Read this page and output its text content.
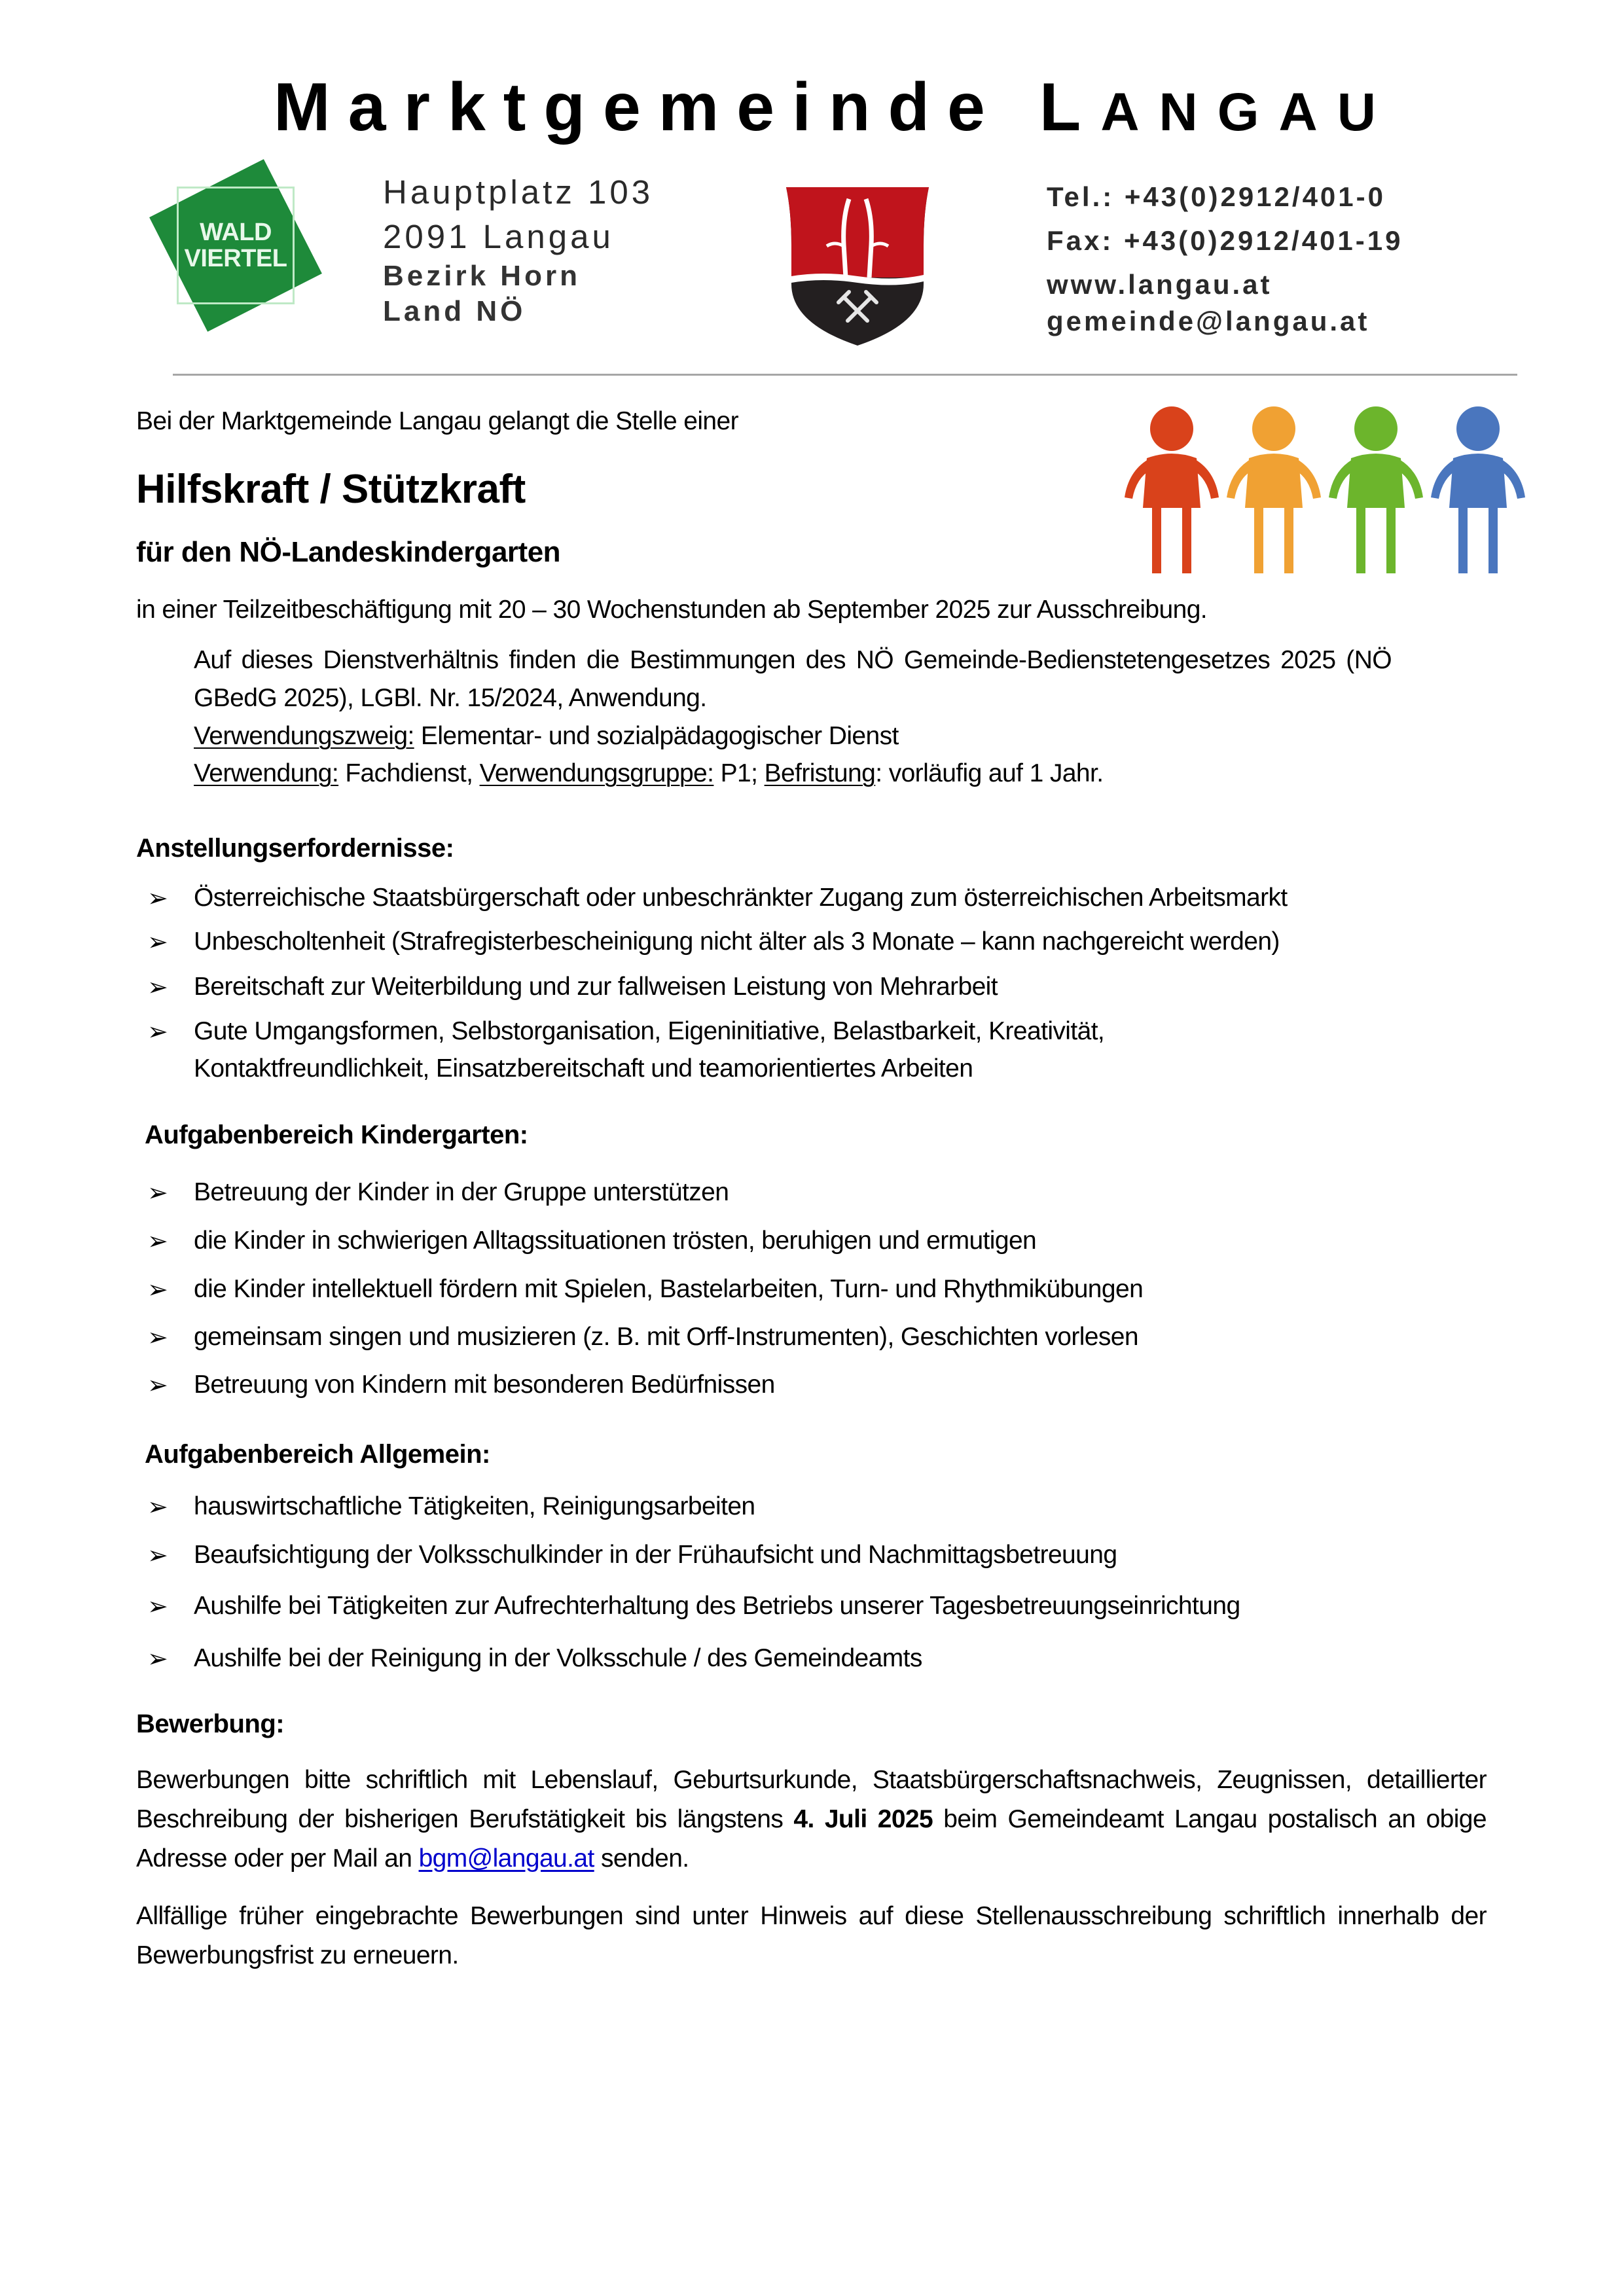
Marktgemeinde LANGAU
WALD
VIERTEL
Hauptplatz 103
2091 Langau
Bezirk Horn
Land NÖ
Tel.: +43(0)2912/401-0
Fax: +43(0)2912/401-19
www.langau.at
gemeinde@langau.at
Bei der Marktgemeinde Langau gelangt die Stelle einer
Hilfskraft / Stützkraft
für den NÖ-Landeskindergarten
in einer Teilzeitbeschäftigung mit 20 – 30 Wochenstunden ab September 2025 zur Ausschreibung.
Auf dieses Dienstverhältnis finden die Bestimmungen des NÖ Gemeinde-Bedienstetengesetzes 2025 (NÖ GBedG 2025), LGBl. Nr. 15/2024, Anwendung.
Verwendungszweig: Elementar- und sozialpädagogischer Dienst
Verwendung: Fachdienst, Verwendungsgruppe: P1; Befristung: vorläufig auf 1 Jahr.
Anstellungserfordernisse:
➢ Österreichische Staatsbürgerschaft oder unbeschränkter Zugang zum österreichischen Arbeitsmarkt
➢ Unbescholtenheit (Strafregisterbescheinigung nicht älter als 3 Monate – kann nachgereicht werden)
➢ Bereitschaft zur Weiterbildung und zur fallweisen Leistung von Mehrarbeit
➢ Gute Umgangsformen, Selbstorganisation, Eigeninitiative, Belastbarkeit, Kreativität,
Kontaktfreundlichkeit, Einsatzbereitschaft und teamorientiertes Arbeiten
Aufgabenbereich Kindergarten:
➢ Betreuung der Kinder in der Gruppe unterstützen
➢ die Kinder in schwierigen Alltagssituationen trösten, beruhigen und ermutigen
➢ die Kinder intellektuell fördern mit Spielen, Bastelarbeiten, Turn- und Rhythmikübungen
➢ gemeinsam singen und musizieren (z. B. mit Orff-Instrumenten), Geschichten vorlesen
➢ Betreuung von Kindern mit besonderen Bedürfnissen
Aufgabenbereich Allgemein:
➢ hauswirtschaftliche Tätigkeiten, Reinigungsarbeiten
➢ Beaufsichtigung der Volksschulkinder in der Frühaufsicht und Nachmittagsbetreuung
➢ Aushilfe bei Tätigkeiten zur Aufrechterhaltung des Betriebs unserer Tagesbetreuungseinrichtung
➢ Aushilfe bei der Reinigung in der Volksschule / des Gemeindeamts
Bewerbung:
Bewerbungen bitte schriftlich mit Lebenslauf, Geburtsurkunde, Staatsbürgerschaftsnachweis, Zeugnissen, detaillierter Beschreibung der bisherigen Berufstätigkeit bis längstens 4. Juli 2025 beim Gemeindeamt Langau postalisch an obige Adresse oder per Mail an bgm@langau.at senden.
Allfällige früher eingebrachte Bewerbungen sind unter Hinweis auf diese Stellenausschreibung schriftlich innerhalb der Bewerbungsfrist zu erneuern.
